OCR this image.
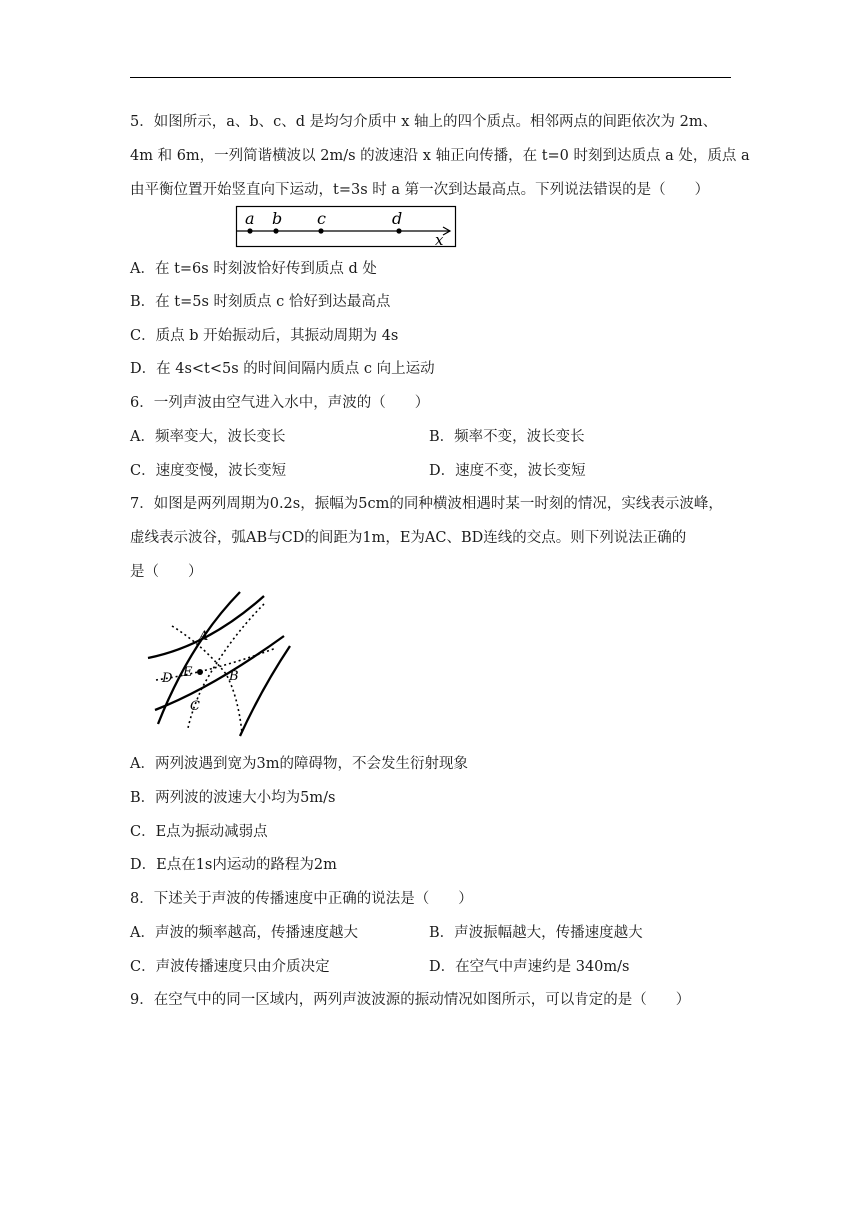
5．如图所示，a、b、c、d 是均匀介质中 x 轴上的四个质点。相邻两点的间距依次为 2m、
4m 和 6m，一列简谐横波以 2m/s 的波速沿 x 轴正向传播，在 t=0 时刻到达质点 a 处，质点 a
由平衡位置开始竖直向下运动，t=3s 时 a 第一次到达最高点。下列说法错误的是（　　）
a b c	d
x
A．在 t=6s 时刻波恰好传到质点 d 处
B．在 t=5s 时刻质点 c 恰好到达最高点
C．质点 b 开始振动后，其振动周期为 4s
D．在 4s<t<5s 的时间间隔内质点 c 向上运动
6．一列声波由空气进入水中，声波的（　　）
A．频率变大，波长变长	B．频率不变，波长变长
C．速度变慢，波长变短	D．速度不变，波长变短
7．如图是两列周期为0.2s，振幅为5cm的同种横波相遇时某一时刻的情况，实线表示波峰，
虚线表示波谷，弧AB与CD的间距为1m，E为AC、BD连线的交点。则下列说法正确的
是（　　）
A
E
D	B
C
A．两列波遇到宽为3m的障碍物，不会发生衍射现象
B．两列波的波速大小均为5m/s
C．E点为振动减弱点
D．E点在1s内运动的路程为2m
8．下述关于声波的传播速度中正确的说法是（　　）
A．声波的频率越高，传播速度越大	B．声波振幅越大，传播速度越大
C．声波传播速度只由介质决定	D．在空气中声速约是 340m/s
9．在空气中的同一区域内，两列声波波源的振动情况如图所示，可以肯定的是（　　）
